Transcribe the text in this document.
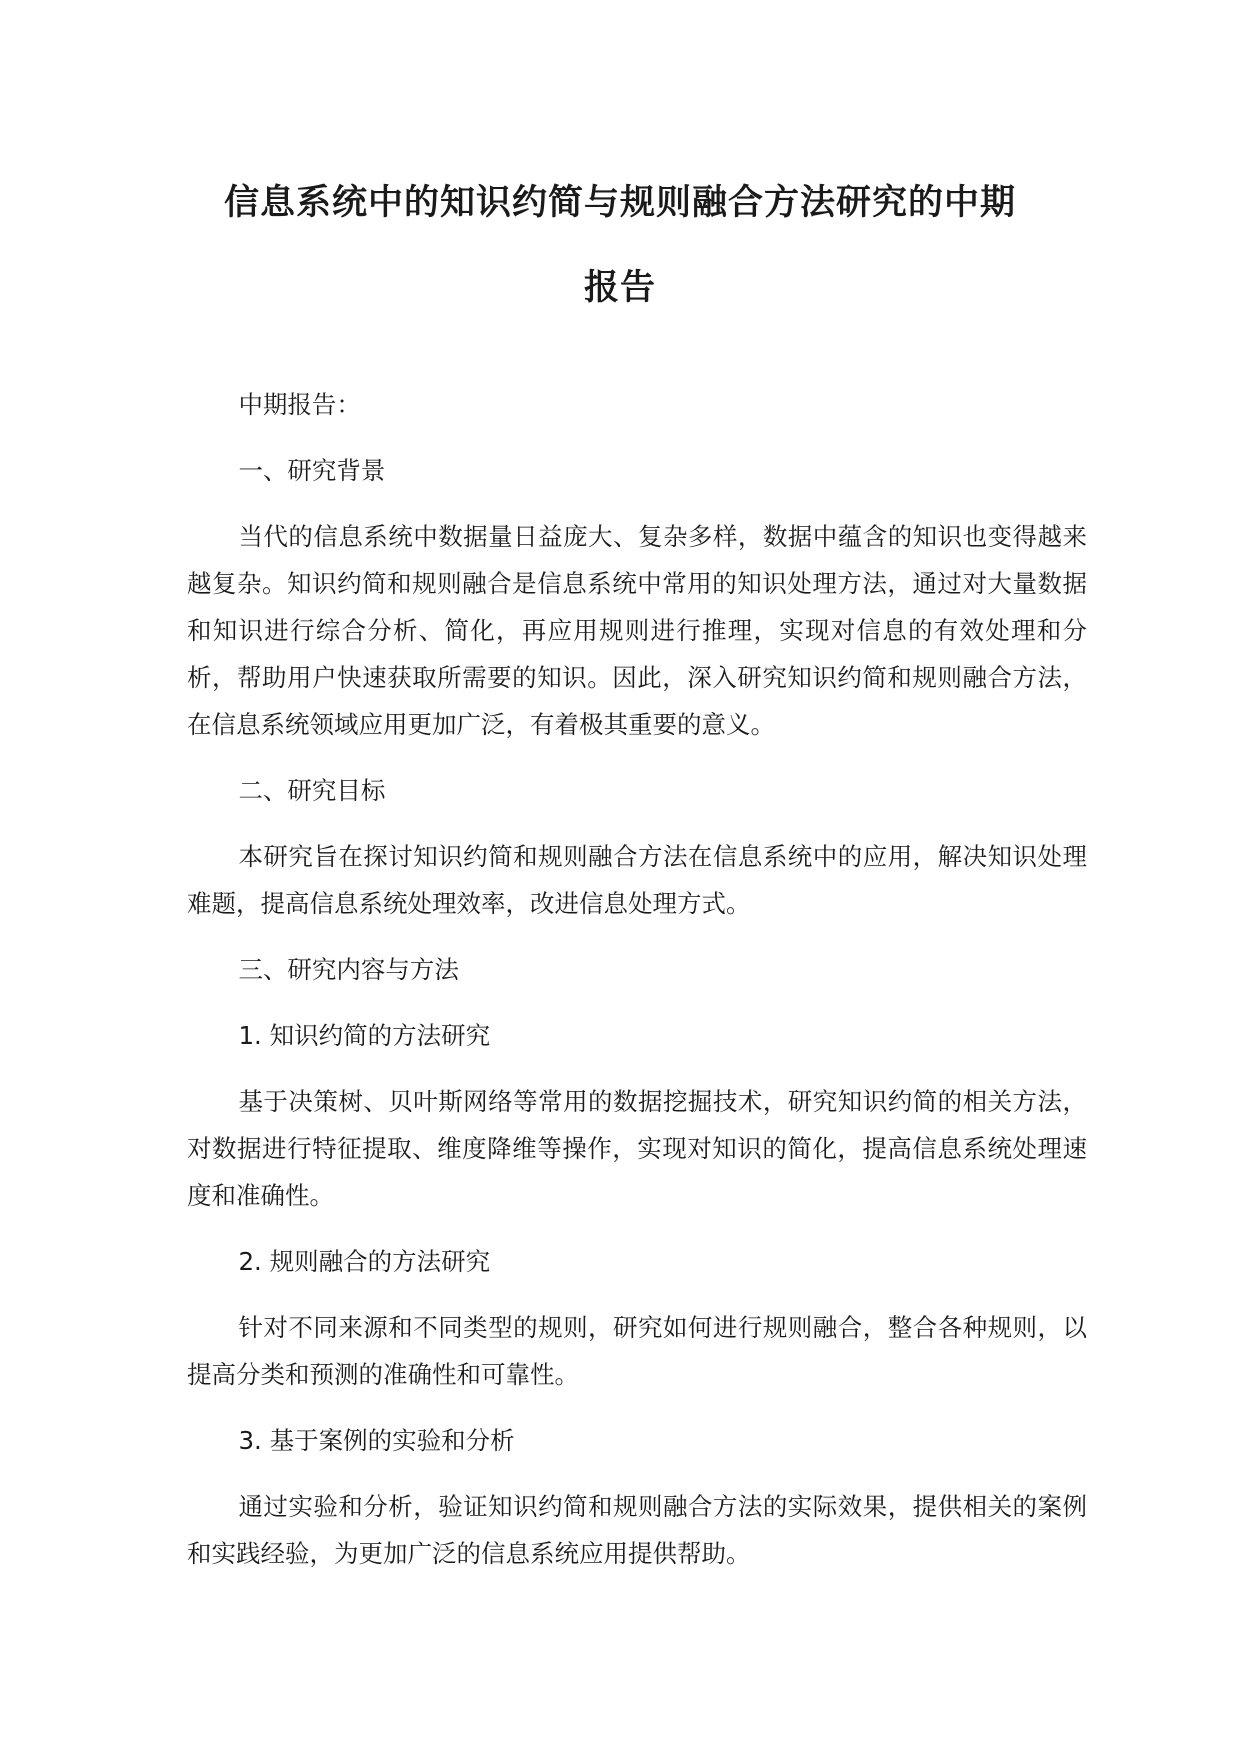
信息系统中的知识约简与规则融合方法研究的中期
报告

中期报告：

一、研究背景

当代的信息系统中数据量日益庞大、复杂多样，数据中蕴含的知识也变得越来越复杂。知识约简和规则融合是信息系统中常用的知识处理方法，通过对大量数据和知识进行综合分析、简化，再应用规则进行推理，实现对信息的有效处理和分析，帮助用户快速获取所需要的知识。因此，深入研究知识约简和规则融合方法，在信息系统领域应用更加广泛，有着极其重要的意义。

二、研究目标

本研究旨在探讨知识约简和规则融合方法在信息系统中的应用，解决知识处理难题，提高信息系统处理效率，改进信息处理方式。

三、研究内容与方法

1. 知识约简的方法研究

基于决策树、贝叶斯网络等常用的数据挖掘技术，研究知识约简的相关方法，对数据进行特征提取、维度降维等操作，实现对知识的简化，提高信息系统处理速度和准确性。

2. 规则融合的方法研究

针对不同来源和不同类型的规则，研究如何进行规则融合，整合各种规则，以提高分类和预测的准确性和可靠性。

3. 基于案例的实验和分析

通过实验和分析，验证知识约简和规则融合方法的实际效果，提供相关的案例和实践经验，为更加广泛的信息系统应用提供帮助。
